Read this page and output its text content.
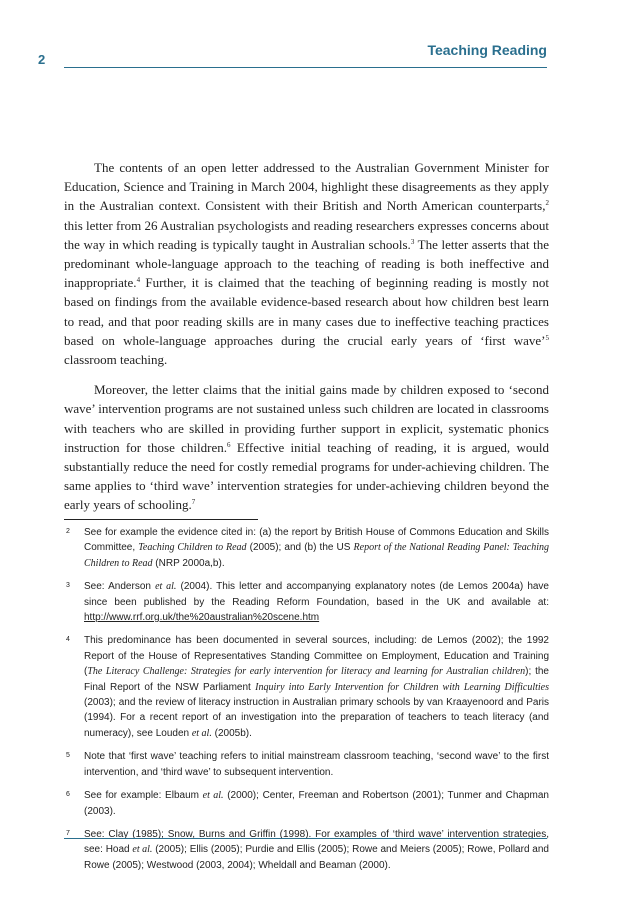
2
Teaching Reading

The contents of an open letter addressed to the Australian Government Minister for Education, Science and Training in March 2004, highlight these disagreements as they apply in the Australian context. Consistent with their British and North American counterparts,$^2$ this letter from 26 Australian psychologists and reading researchers expresses concerns about the way in which reading is typically taught in Australian schools.$^3$ The letter asserts that the predominant whole-language approach to the teaching of reading is both ineffective and inappropriate.$^4$ Further, it is claimed that the teaching of beginning reading is mostly not based on findings from the available evidence-based research about how children best learn to read, and that poor reading skills are in many cases due to ineffective teaching practices based on whole-language approaches during the crucial early years of ‘first wave’$^5$ classroom teaching.

Moreover, the letter claims that the initial gains made by children exposed to ‘second wave’ intervention programs are not sustained unless such children are located in classrooms with teachers who are skilled in providing further support in explicit, systematic phonics instruction for those children.$^6$ Effective initial teaching of reading, it is argued, would substantially reduce the need for costly remedial programs for under-achieving children. The same applies to ‘third wave’ intervention strategies for under-achieving children beyond the early years of schooling.$^7$

2 See for example the evidence cited in: (a) the report by British House of Commons Education and Skills Committee, Teaching Children to Read (2005); and (b) the US Report of the National Reading Panel: Teaching Children to Read (NRP 2000a,b).
3 See: Anderson et al. (2004). This letter and accompanying explanatory notes (de Lemos 2004a) have since been published by the Reading Reform Foundation, based in the UK and available at: http://www.rrf.org.uk/the%20australian%20scene.htm
4 This predominance has been documented in several sources, including: de Lemos (2002); the 1992 Report of the House of Representatives Standing Committee on Employment, Education and Training (The Literacy Challenge: Strategies for early intervention for literacy and learning for Australian children); the Final Report of the NSW Parliament Inquiry into Early Intervention for Children with Learning Difficulties (2003); and the review of literacy instruction in Australian primary schools by van Kraayenoord and Paris (1994). For a recent report of an investigation into the preparation of teachers to teach literacy (and numeracy), see Louden et al. (2005b).
5 Note that ‘first wave’ teaching refers to initial mainstream classroom teaching, ‘second wave’ to the first intervention, and ‘third wave’ to subsequent intervention.
6 See for example: Elbaum et al. (2000); Center, Freeman and Robertson (2001); Tunmer and Chapman (2003).
7 See: Clay (1985); Snow, Burns and Griffin (1998). For examples of ‘third wave’ intervention strategies, see: Hoad et al. (2005); Ellis (2005); Purdie and Ellis (2005); Rowe and Meiers (2005); Rowe, Pollard and Rowe (2005); Westwood (2003, 2004); Wheldall and Beaman (2000).
